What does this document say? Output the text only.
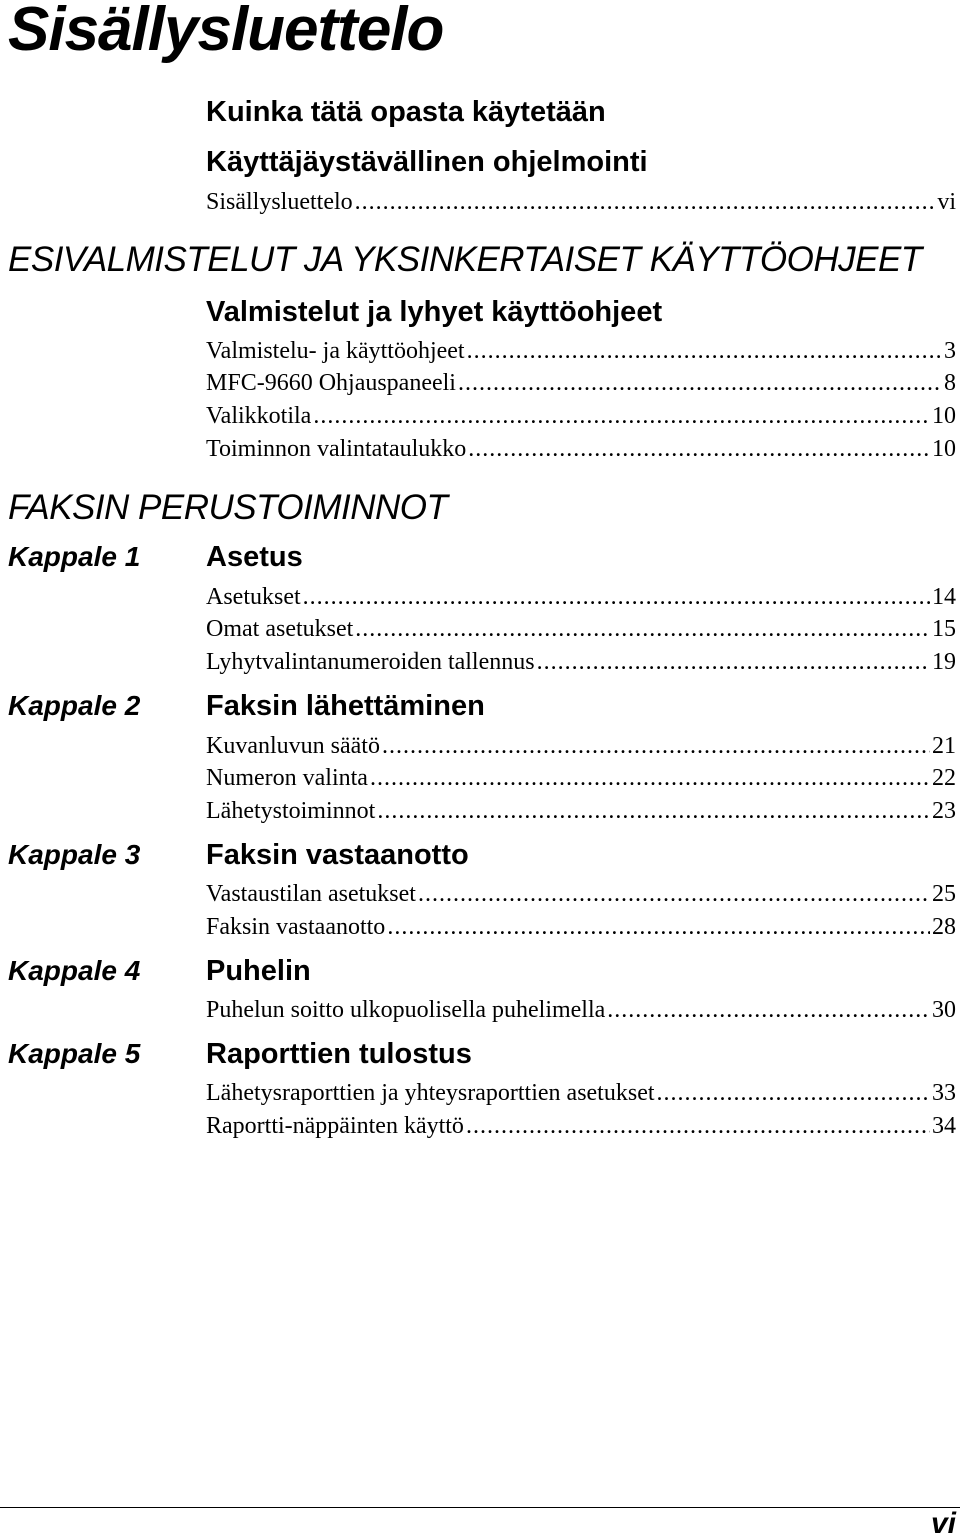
Sisällysluettelo
Kuinka tätä opasta käytetään
Käyttäjäystävällinen ohjelmointi
Sisällysluettelo .....	vi
ESIVALMISTELUT JA YKSINKERTAISET KÄYTTÖOHJEET
Valmistelut ja lyhyet käyttöohjeet
Valmistelu- ja käyttöohjeet .....	3
MFC-9660 Ohjauspaneeli .....	8
Valikkotila .....	10
Toiminnon valintataulukko .....	10
FAKSIN PERUSTOIMINNOT
Kappale 1 Asetus
Asetukset .....	14
Omat asetukset .....	15
Lyhytvalintanumeroiden tallennus .....	19
Kappale 2 Faksin lähettäminen
Kuvanluvun säätö .....	21
Numeron valinta .....	22
Lähetystoiminnot .....	23
Kappale 3 Faksin vastaanotto
Vastaustilan asetukset .....	25
Faksin vastaanotto .....	28
Kappale 4 Puhelin
Puhelun soitto ulkopuolisella puhelimella .....	30
Kappale 5 Raporttien tulostus
Lähetysraporttien ja yhteysraporttien asetukset .....	33
Raportti-näppäinten käyttö .....	34
vi
